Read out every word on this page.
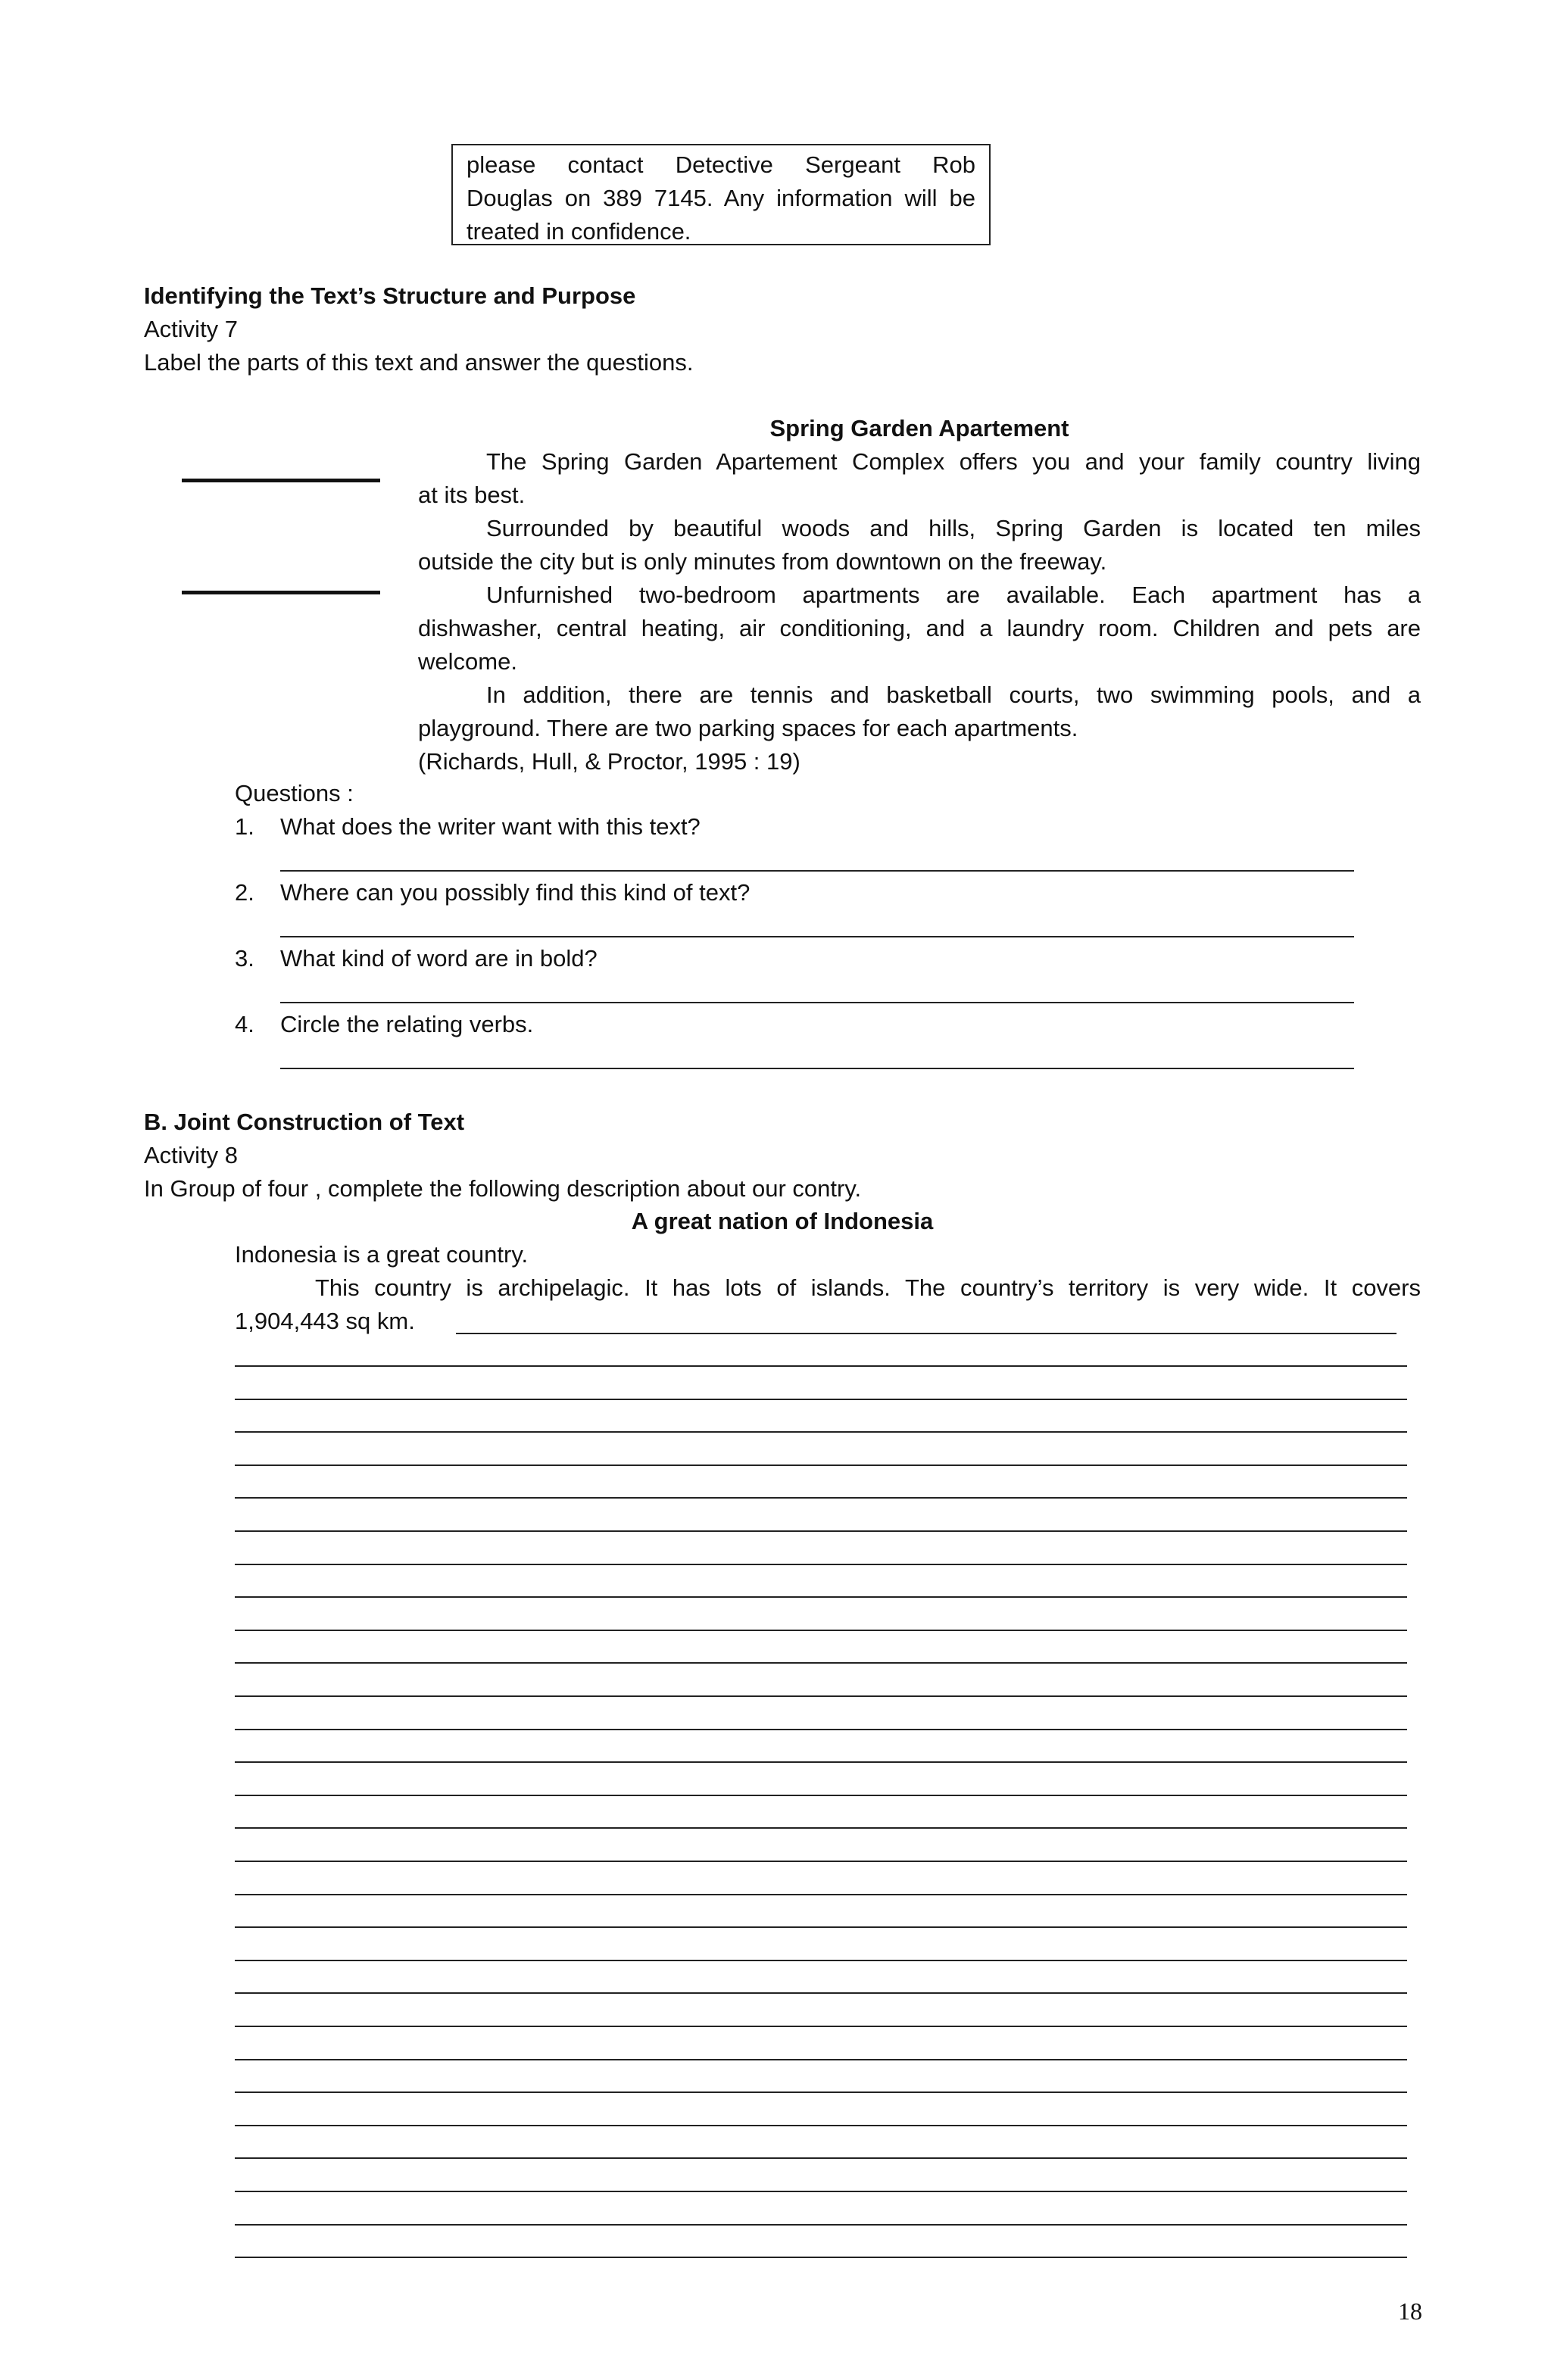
please contact Detective Sergeant Rob
Douglas on 389 7145. Any information will be
treated in confidence.
Identifying the Text’s Structure and Purpose
Activity 7
Label the parts of this text and answer the questions.
Spring Garden Apartement
The Spring Garden Apartement Complex offers you and your family country living
at its best.
Surrounded by beautiful woods and hills, Spring Garden is located ten miles
outside the city but is only minutes from downtown on the freeway.
Unfurnished two-bedroom apartments are available. Each apartment has a
dishwasher, central heating, air conditioning, and a laundry room. Children and pets are
welcome.
In addition, there are tennis and basketball courts, two swimming pools, and a
playground. There are two parking spaces for each apartments.
(Richards, Hull, & Proctor, 1995 : 19)
Questions :
1. What does the writer want with this text?
2. Where can you possibly find this kind of text?
3. What kind of word are in bold?
4. Circle the relating verbs.
B. Joint Construction of Text
Activity 8
In Group of four , complete the following description about our contry.
A great nation of Indonesia
Indonesia is a great country.
This country is archipelagic. It has lots of islands. The country’s territory is very wide. It covers
1,904,443 sq km.
18
